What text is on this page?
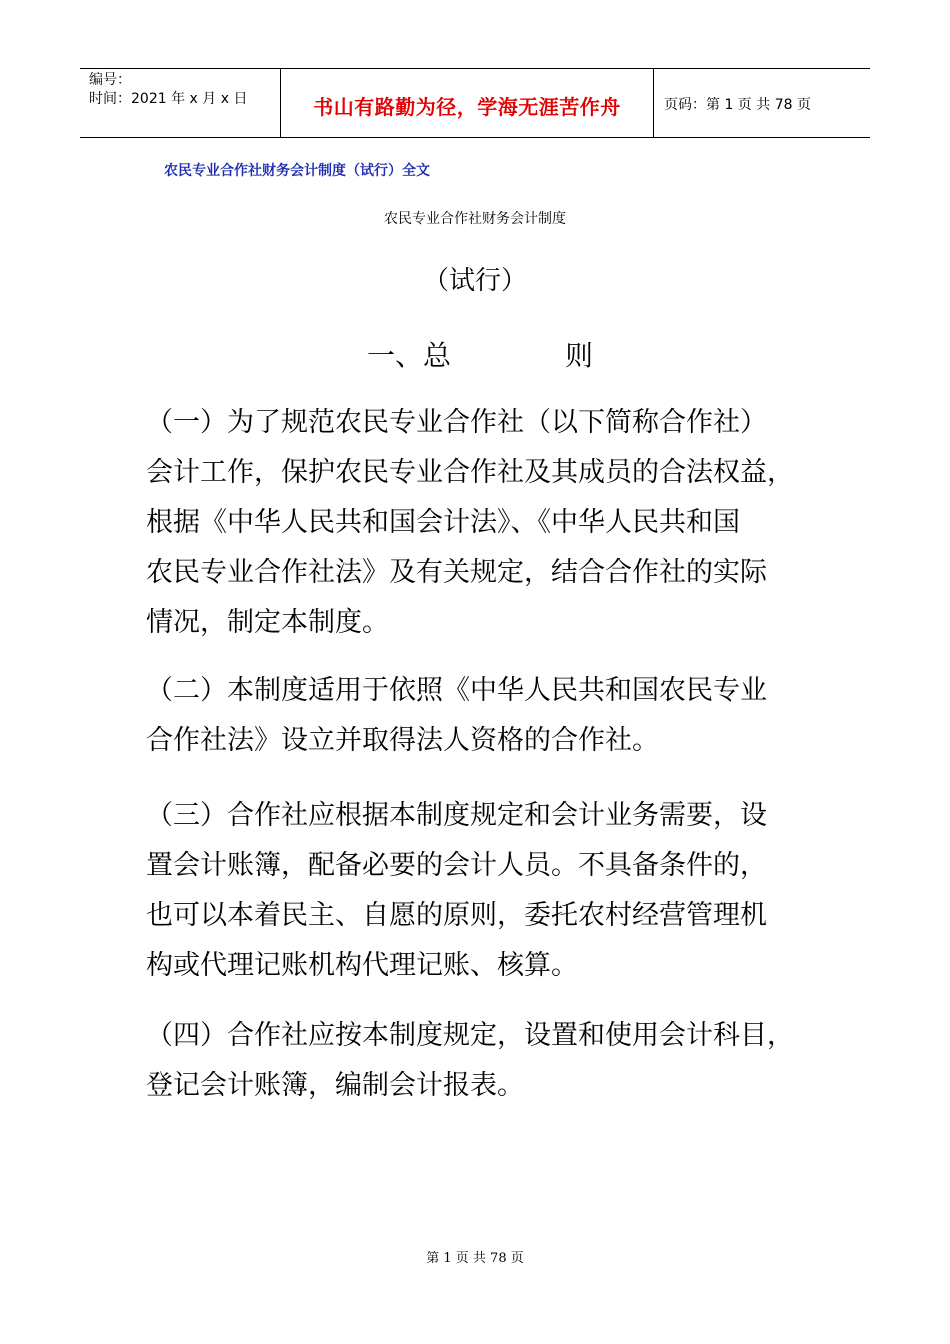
编号：
时间：2021 年 x 月 x 日	书山有路勤为径，学海无涯苦作舟	页码：第 1 页 共 78 页
农民专业合作社财务会计制度（试行）全文
农民专业合作社财务会计制度
（试行）
一、总	则
（一）为了规范农民专业合作社（以下简称合作社）
会计工作，保护农民专业合作社及其成员的合法权益，
根据《中华人民共和国会计法》、《中华人民共和国
农民专业合作社法》及有关规定，结合合作社的实际
情况，制定本制度。
（二）本制度适用于依照《中华人民共和国农民专业
合作社法》设立并取得法人资格的合作社。
（三）合作社应根据本制度规定和会计业务需要，设
置会计账簿，配备必要的会计人员。不具备条件的，
也可以本着民主、自愿的原则，委托农村经营管理机
构或代理记账机构代理记账、核算。
（四）合作社应按本制度规定，设置和使用会计科目，
登记会计账簿，编制会计报表。
第 1 页 共 78 页
